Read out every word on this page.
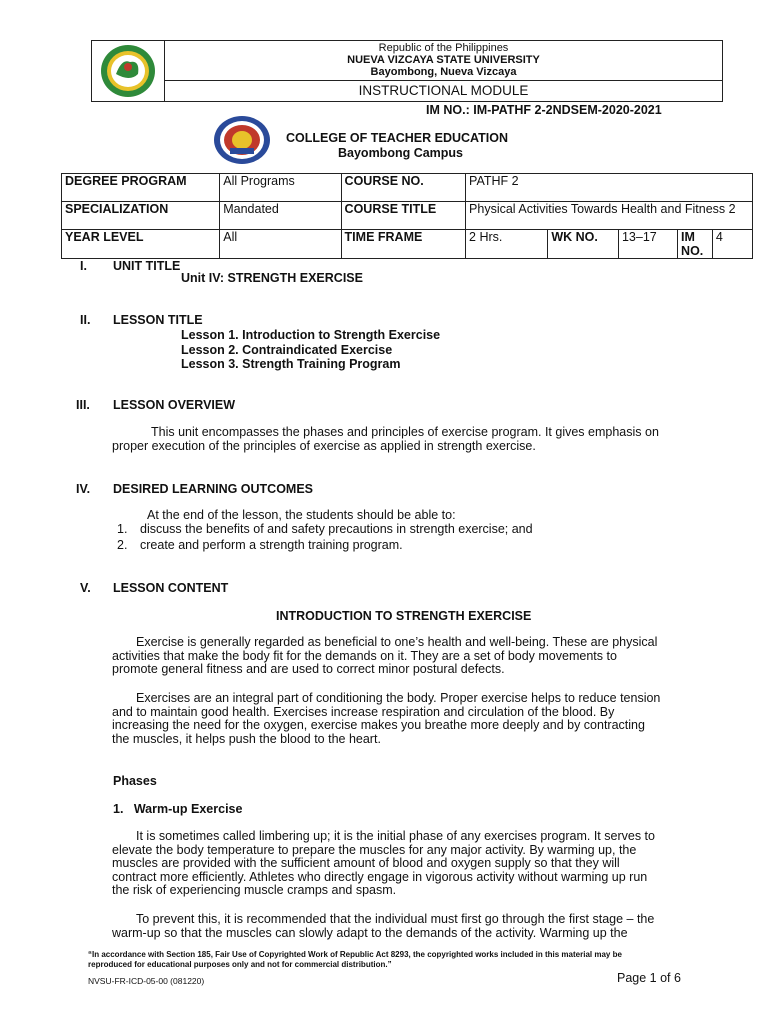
Republic of the Philippines
NUEVA VIZCAYA STATE UNIVERSITY
Bayombong, Nueva Vizcaya
INSTRUCTIONAL MODULE
IM NO.: IM-PATHF 2-2NDSEM-2020-2021
COLLEGE OF TEACHER EDUCATION
Bayombong Campus
DEGREE PROGRAM	All Programs	COURSE NO.	PATHF 2				
SPECIALIZATION	Mandated	COURSE TITLE	Physical Activities Towards Health and Fitness 2				
YEAR LEVEL	All	TIME FRAME	2 Hrs.	WK NO.	13–17	IM NO.	4
I. UNIT TITLE
Unit IV: STRENGTH EXERCISE
II. LESSON TITLE
Lesson 1. Introduction to Strength Exercise
Lesson 2. Contraindicated Exercise
Lesson 3. Strength Training Program
III. LESSON OVERVIEW
This unit encompasses the phases and principles of exercise program. It gives emphasis on
proper execution of the principles of exercise as applied in strength exercise.
IV. DESIRED LEARNING OUTCOMES
At the end of the lesson, the students should be able to:
1. discuss the benefits of and safety precautions in strength exercise; and
2. create and perform a strength training program.
V. LESSON CONTENT
INTRODUCTION TO STRENGTH EXERCISE
Exercise is generally regarded as beneficial to one’s health and well-being. These are physical
activities that make the body fit for the demands on it. They are a set of body movements to
promote general fitness and are used to correct minor postural defects.
Exercises are an integral part of conditioning the body. Proper exercise helps to reduce tension
and to maintain good health. Exercises increase respiration and circulation of the blood. By
increasing the need for the oxygen, exercise makes you breathe more deeply and by contracting
the muscles, it helps push the blood to the heart.
Phases
1.   Warm-up Exercise
It is sometimes called limbering up; it is the initial phase of any exercises program. It serves to
elevate the body temperature to prepare the muscles for any major activity. By warming up, the
muscles are provided with the sufficient amount of blood and oxygen supply so that they will
contract more efficiently. Athletes who directly engage in vigorous activity without warming up run
the risk of experiencing muscle cramps and spasm.
To prevent this, it is recommended that the individual must first go through the first stage – the
warm-up so that the muscles can slowly adapt to the demands of the activity. Warming up the
“In accordance with Section 185, Fair Use of Copyrighted Work of Republic Act 8293, the copyrighted works included in this material may be
reproduced for educational purposes only and not for commercial distribution.”
NVSU-FR-ICD-05-00 (081220)	Page 1 of 6
